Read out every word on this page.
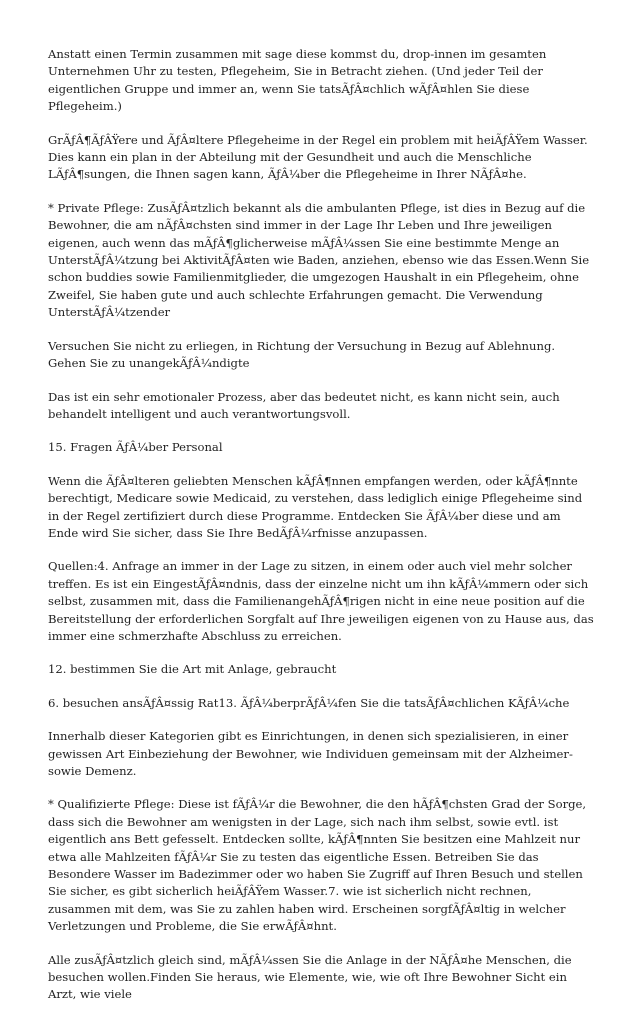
Anstatt einen Termin zusammen mit sage diese kommst du, drop-innen im gesamten Unternehmen Uhr zu testen, Pflegeheim, Sie in Betracht ziehen. (Und jeder Teil der eigentlichen Gruppe und immer an, wenn Sie tatsÃƒÂ¤chlich wÃƒÂ¤hlen Sie diese Pflegeheim.)

GrÃƒÂ¶ÃƒÂŸere und ÃƒÂ¤ltere Pflegeheime in der Regel ein problem mit heiÃƒÂŸem Wasser. Dies kann ein plan in der Abteilung mit der Gesundheit und auch die Menschliche LÃƒÂ¶sungen, die Ihnen sagen kann, ÃƒÂ¼ber die Pflegeheime in Ihrer NÃƒÂ¤he.

* Private Pflege: ZusÃƒÂ¤tzlich bekannt als die ambulanten Pflege, ist dies in Bezug auf die Bewohner, die am nÃƒÂ¤chsten sind immer in der Lage Ihr Leben und Ihre jeweiligen eigenen, auch wenn das mÃƒÂ¶glicherweise mÃƒÂ¼ssen Sie eine bestimmte Menge an UnterstÃƒÂ¼tzung bei AktivitÃƒÂ¤ten wie Baden, anziehen, ebenso wie das Essen.Wenn Sie schon buddies sowie Familienmitglieder, die umgezogen Haushalt in ein Pflegeheim, ohne Zweifel, Sie haben gute und auch schlechte Erfahrungen gemacht. Die Verwendung UnterstÃƒÂ¼tzender

Versuchen Sie nicht zu erliegen, in Richtung der Versuchung in Bezug auf Ablehnung. Gehen Sie zu unangekÃƒÂ¼ndigte

Das ist ein sehr emotionaler Prozess, aber das bedeutet nicht, es kann nicht sein, auch behandelt intelligent und auch verantwortungsvoll.

15. Fragen ÃƒÂ¼ber Personal

Wenn die ÃƒÂ¤lteren geliebten Menschen kÃƒÂ¶nnen empfangen werden, oder kÃƒÂ¶nnte berechtigt, Medicare sowie Medicaid, zu verstehen, dass lediglich einige Pflegeheime sind in der Regel zertifiziert durch diese Programme. Entdecken Sie ÃƒÂ¼ber diese und am Ende wird Sie sicher, dass Sie Ihre BedÃƒÂ¼rfnisse anzupassen.

Quellen:4. Anfrage an immer in der Lage zu sitzen, in einem oder auch viel mehr solcher treffen. Es ist ein EingestÃƒÂ¤ndnis, dass der einzelne nicht um ihn kÃƒÂ¼mmern oder sich selbst, zusammen mit, dass die FamilienangehÃƒÂ¶rigen nicht in eine neue position auf die Bereitstellung der erforderlichen Sorgfalt auf Ihre jeweiligen eigenen von zu Hause aus, das immer eine schmerzhafte Abschluss zu erreichen.

12. bestimmen Sie die Art mit Anlage, gebraucht

6. besuchen ansÃƒÂ¤ssig Rat13. ÃƒÂ¼berprÃƒÂ¼fen Sie die tatsÃƒÂ¤chlichen KÃƒÂ¼che

Innerhalb dieser Kategorien gibt es Einrichtungen, in denen sich spezialisieren, in einer gewissen Art Einbeziehung der Bewohner, wie Individuen gemeinsam mit der Alzheimer-sowie Demenz.

* Qualifizierte Pflege: Diese ist fÃƒÂ¼r die Bewohner, die den hÃƒÂ¶chsten Grad der Sorge, dass sich die Bewohner am wenigsten in der Lage, sich nach ihm selbst, sowie evtl. ist eigentlich ans Bett gefesselt. Entdecken sollte, kÃƒÂ¶nnten Sie besitzen eine Mahlzeit nur etwa alle Mahlzeiten fÃƒÂ¼r Sie zu testen das eigentliche Essen. Betreiben Sie das Besondere Wasser im Badezimmer oder wo haben Sie Zugriff auf Ihren Besuch und stellen Sie sicher, es gibt sicherlich heiÃƒÂŸem Wasser.7. wie ist sicherlich nicht rechnen, zusammen mit dem, was Sie zu zahlen haben wird. Erscheinen sorgfÃƒÂ¤ltig in welcher Verletzungen und Probleme, die Sie erwÃƒÂ¤hnt.

Alle zusÃƒÂ¤tzlich gleich sind, mÃƒÂ¼ssen Sie die Anlage in der NÃƒÂ¤he Menschen, die besuchen wollen.Finden Sie heraus, wie Elemente, wie, wie oft Ihre Bewohner Sicht ein Arzt, wie viele
